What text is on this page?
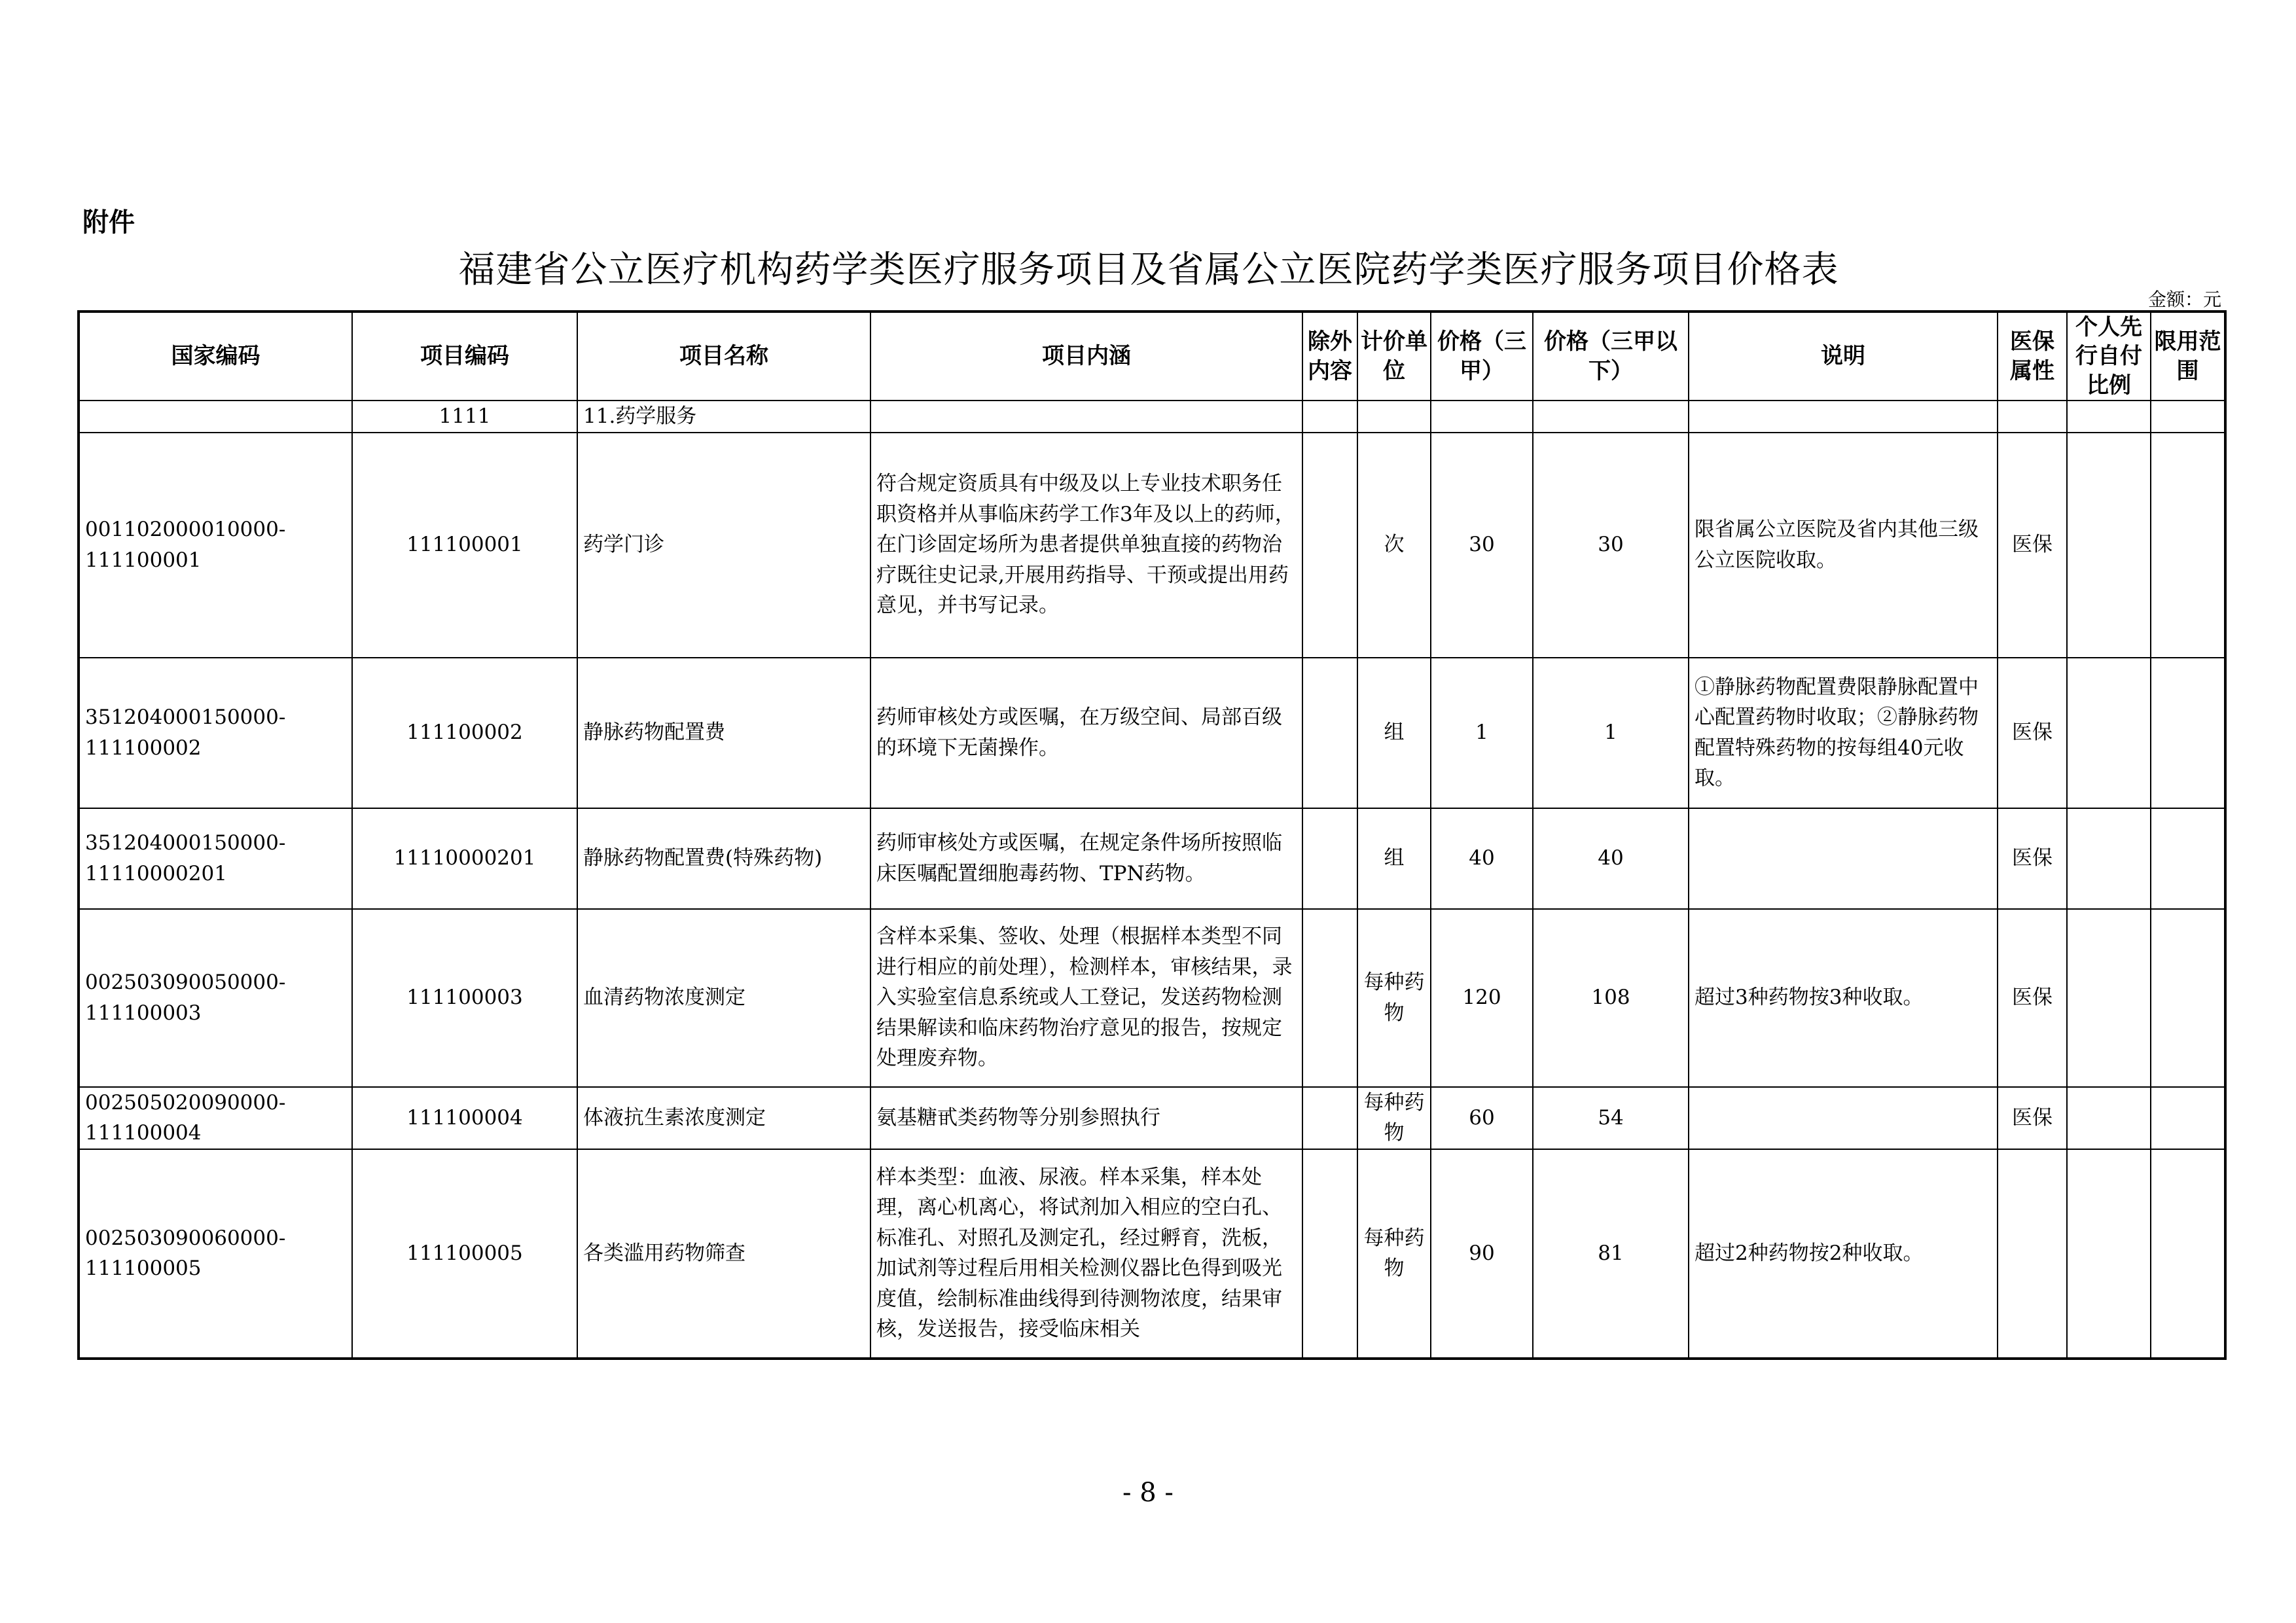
附件
福建省公立医疗机构药学类医疗服务项目及省属公立医院药学类医疗服务项目价格表
金额：元
国家编码	项目编码	项目名称	项目内涵	除外内容	计价单位	价格（三甲）	价格（三甲以下）	说明	医保属性	个人先行自付比例	限用范围
	1111	11.药学服务									
001102000010000-111100001	111100001	药学门诊	符合规定资质具有中级及以上专业技术职务任职资格并从事临床药学工作3年及以上的药师，在门诊固定场所为患者提供单独直接的药物治疗既往史记录,开展用药指导、干预或提出用药意见，并书写记录。		次	30	30	限省属公立医院及省内其他三级公立医院收取。	医保		
351204000150000-111100002	111100002	静脉药物配置费	药师审核处方或医嘱，在万级空间、局部百级的环境下无菌操作。		组	1	1	①静脉药物配置费限静脉配置中心配置药物时收取；②静脉药物配置特殊药物的按每组40元收取。	医保		
351204000150000-11110000201	11110000201	静脉药物配置费(特殊药物)	药师审核处方或医嘱，在规定条件场所按照临床医嘱配置细胞毒药物、TPN药物。		组	40	40		医保		
002503090050000-111100003	111100003	血清药物浓度测定	含样本采集、签收、处理（根据样本类型不同进行相应的前处理），检测样本，审核结果，录入实验室信息系统或人工登记，发送药物检测结果解读和临床药物治疗意见的报告，按规定处理废弃物。		每种药物	120	108	超过3种药物按3种收取。	医保		
002505020090000-111100004	111100004	体液抗生素浓度测定	氨基糖甙类药物等分别参照执行		每种药物	60	54		医保		
002503090060000-111100005	111100005	各类滥用药物筛查	样本类型：血液、尿液。样本采集，样本处理，离心机离心，将试剂加入相应的空白孔、标准孔、对照孔及测定孔，经过孵育，洗板，加试剂等过程后用相关检测仪器比色得到吸光度值，绘制标准曲线得到待测物浓度，结果审核，发送报告，接受临床相关		每种药物	90	81	超过2种药物按2种收取。			
- 8 -
